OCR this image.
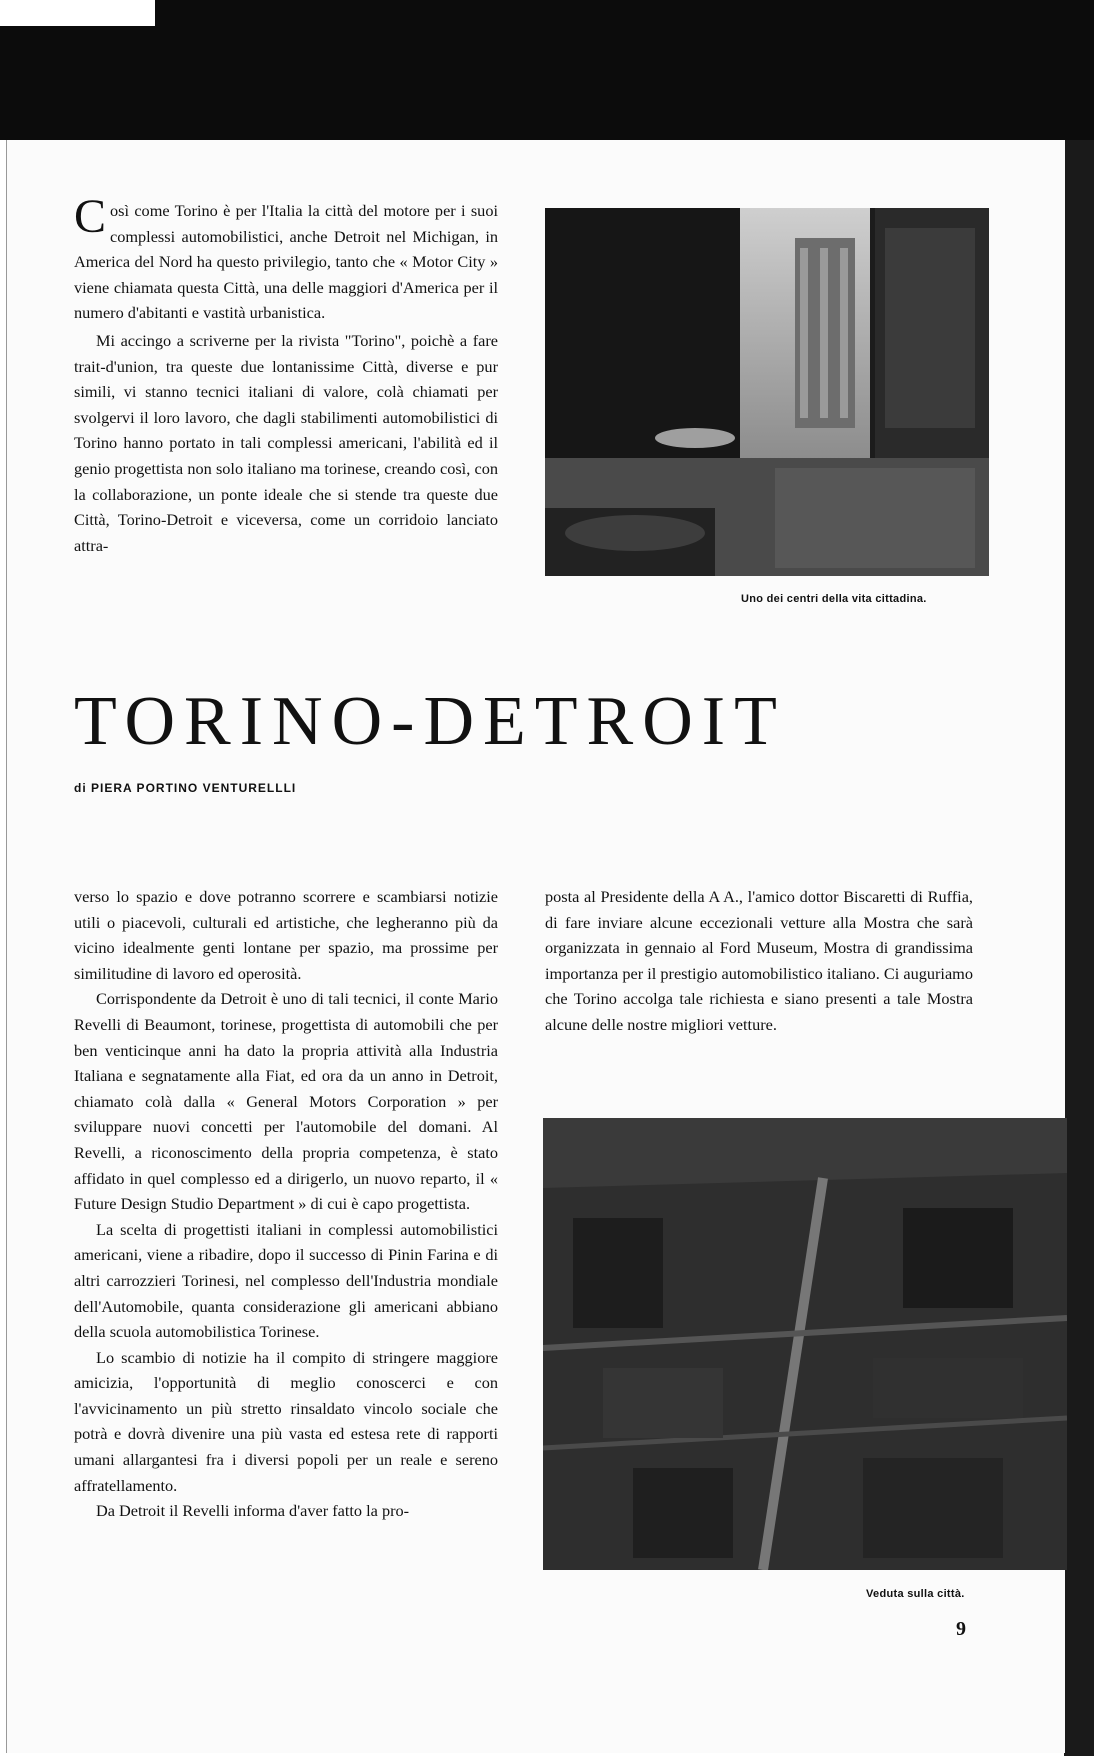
Così come Torino è per l'Italia la città del motore per i suoi complessi automobilistici, anche Detroit nel Michigan, in America del Nord ha questo privilegio, tanto che « Motor City » viene chiamata questa Città, una delle maggiori d'America per il numero d'abitanti e vastità urbanistica.

Mi accingo a scriverne per la rivista "Torino", poichè a fare trait-d'union, tra queste due lontanissime Città, diverse e pur simili, vi stanno tecnici italiani di valore, colà chiamati per svolgervi il loro lavoro, che dagli stabilimenti automobilistici di Torino hanno portato in tali complessi americani, l'abilità ed il genio progettista non solo italiano ma torinese, creando così, con la collaborazione, un ponte ideale che si stende tra queste due Città, Torino-Detroit e viceversa, come un corridoio lanciato attra-

Uno dei centri della vita cittadina.
TORINO-DETROIT
di PIERA PORTINO VENTURELLLI

verso lo spazio e dove potranno scorrere e scambiarsi notizie utili o piacevoli, culturali ed artistiche, che legheranno più da vicino idealmente genti lontane per spazio, ma prossime per similitudine di lavoro ed operosità.

Corrispondente da Detroit è uno di tali tecnici, il conte Mario Revelli di Beaumont, torinese, progettista di automobili che per ben venticinque anni ha dato la propria attività alla Industria Italiana e segnatamente alla Fiat, ed ora da un anno in Detroit, chiamato colà dalla « General Motors Corporation » per sviluppare nuovi concetti per l'automobile del domani. Al Revelli, a riconoscimento della propria competenza, è stato affidato in quel complesso ed a dirigerlo, un nuovo reparto, il « Future Design Studio Department » di cui è capo progettista.

La scelta di progettisti italiani in complessi automobilistici americani, viene a ribadire, dopo il successo di Pinin Farina e di altri carrozzieri Torinesi, nel complesso dell'Industria mondiale dell'Automobile, quanta considerazione gli americani abbiano della scuola automobilistica Torinese.

Lo scambio di notizie ha il compito di stringere maggiore amicizia, l'opportunità di meglio conoscerci e con l'avvicinamento un più stretto rinsaldato vincolo sociale che potrà e dovrà divenire una più vasta ed estesa rete di rapporti umani allargantesi fra i diversi popoli per un reale e sereno affratellamento.

Da Detroit il Revelli informa d'aver fatto la pro-

posta al Presidente della A A., l'amico dottor Biscaretti di Ruffia, di fare inviare alcune eccezionali vetture alla Mostra che sarà organizzata in gennaio al Ford Museum, Mostra di grandissima importanza per il prestigio automobilistico italiano. Ci auguriamo che Torino accolga tale richiesta e siano presenti a tale Mostra alcune delle nostre migliori vetture.

Veduta sulla città.
9
